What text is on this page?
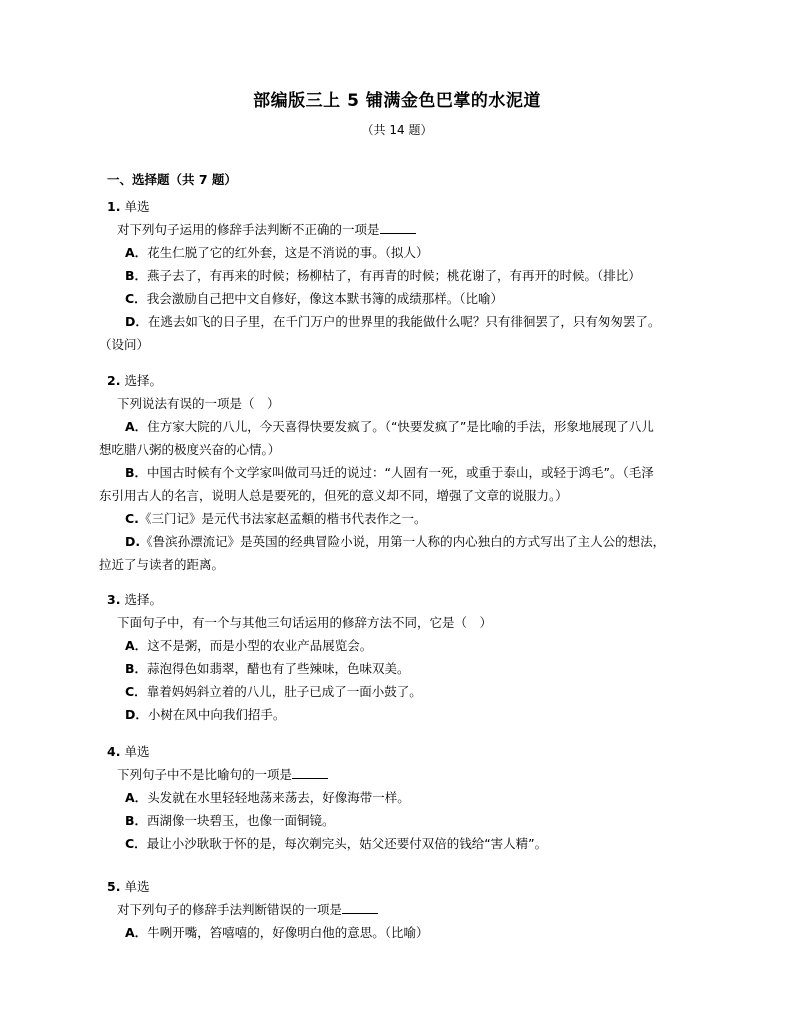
部编版三上 5 铺满金色巴掌的水泥道
（共 14 题）
一、选择题（共 7 题）
1. 单选
对下列句子运用的修辞手法判断不正确的一项是
A．花生仁脱了它的红外套，这是不消说的事。（拟人）
B．燕子去了，有再来的时候；杨柳枯了，有再青的时候；桃花谢了，有再开的时候。（排比）
C．我会激励自己把中文自修好，像这本默书簿的成绩那样。（比喻）
D．在逃去如飞的日子里，在千门万户的世界里的我能做什么呢？只有徘徊罢了，只有匆匆罢了。
（设问）
2. 选择。
下列说法有误的一项是（　）
A．住方家大院的八儿，今天喜得快要发疯了。（“快要发疯了”是比喻的手法，形象地展现了八儿
想吃腊八粥的极度兴奋的心情。）
B．中国古时候有个文学家叫做司马迁的说过：“人固有一死，或重于泰山，或轻于鸿毛”。（毛泽
东引用古人的名言，说明人总是要死的，但死的意义却不同，增强了文章的说服力。）
C.《三门记》是元代书法家赵孟頫的楷书代表作之一。
D.《鲁滨孙漂流记》是英国的经典冒险小说，用第一人称的内心独白的方式写出了主人公的想法，
拉近了与读者的距离。
3. 选择。
下面句子中，有一个与其他三句话运用的修辞方法不同，它是（　）
A．这不是粥，而是小型的农业产品展览会。
B．蒜泡得色如翡翠，醋也有了些辣味，色味双美。
C．靠着妈妈斜立着的八儿，肚子已成了一面小鼓了。
D．小树在风中向我们招手。
4. 单选
下列句子中不是比喻句的一项是
A．头发就在水里轻轻地荡来荡去，好像海带一样。
B．西湖像一块碧玉，也像一面铜镜。
C．最让小沙耿耿于怀的是，每次剃完头，姑父还要付双倍的钱给“害人精”。
5. 单选
对下列句子的修辞手法判断错误的一项是
A．牛咧开嘴，笞嘻嘻的，好像明白他的意思。（比喻）
